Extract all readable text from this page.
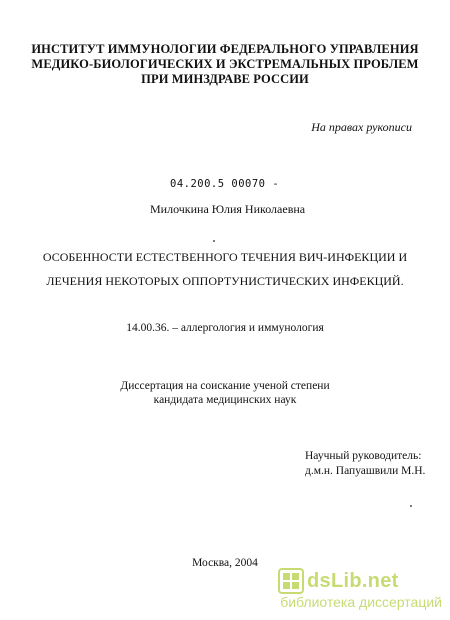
ИНСТИТУТ ИММУНОЛОГИИ ФЕДЕРАЛЬНОГО УПРАВЛЕНИЯ
МЕДИКО-БИОЛОГИЧЕСКИХ И ЭКСТРЕМАЛЬНЫХ ПРОБЛЕМ
ПРИ МИНЗДРАВЕ РОССИИ
На правах рукописи
04.200.5 00070 -
Милочкина Юлия Николаевна
ОСОБЕННОСТИ ЕСТЕСТВЕННОГО ТЕЧЕНИЯ ВИЧ-ИНФЕКЦИИ И
ЛЕЧЕНИЯ НЕКОТОРЫХ ОППОРТУНИСТИЧЕСКИХ ИНФЕКЦИЙ.
14.00.36. – аллергология и иммунология
Диссертация на соискание ученой степени
кандидата медицинских наук
Научный руководитель:
д.м.н. Папуашвили М.Н.
Москва, 2004
dsLib.net
библиотека диссертаций
